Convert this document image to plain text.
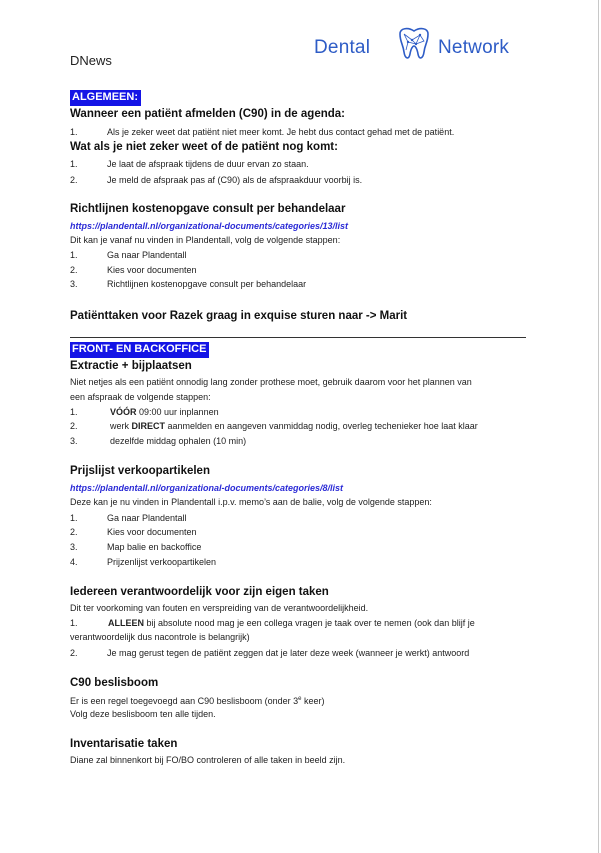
DNews
Dental	Network
ALGEMEEN:
Wanneer een patiënt afmelden (C90) in de agenda:
1.	Als je zeker weet dat patiënt niet meer komt. Je hebt dus contact gehad met de patiënt.
Wat als je niet zeker weet of de patiënt nog komt:
1.	Je laat de afspraak tijdens de duur ervan zo staan.
2.	Je meld de afspraak pas af (C90) als de afspraakduur voorbij is.
Richtlijnen kostenopgave consult per behandelaar
https://plandentall.nl/organizational-documents/categories/13/list
Dit kan je vanaf nu vinden in Plandentall, volg de volgende stappen:
1.	Ga naar Plandentall
2.	Kies voor documenten
3.	Richtlijnen kostenopgave consult per behandelaar
Patiënttaken voor Razek graag in exquise sturen naar -> Marit
FRONT- EN BACKOFFICE
Extractie + bijplaatsen
Niet netjes als een patiënt onnodig lang zonder prothese moet, gebruik daarom voor het plannen van
een afspraak de volgende stappen:
1.	VÓÓR 09:00 uur inplannen
2.	werk DIRECT aanmelden en aangeven vanmiddag nodig, overleg techenieker hoe laat klaar
3.	dezelfde middag ophalen (10 min)
Prijslijst verkoopartikelen
https://plandentall.nl/organizational-documents/categories/8/list
Deze kan je nu vinden in Plandentall i.p.v. memo’s aan de balie, volg de volgende stappen:
1.	Ga naar Plandentall
2.	Kies voor documenten
3.	Map balie en backoffice
4.	Prijzenlijst verkoopartikelen
Iedereen verantwoordelijk voor zijn eigen taken
Dit ter voorkoming van fouten en verspreiding van de verantwoordelijkheid.
1.	ALLEEN bij absolute nood mag je een collega vragen je taak over te nemen (ook dan blijf je
verantwoordelijk dus nacontrole is belangrijk)
2.	Je mag gerust tegen de patiënt zeggen dat je later deze week (wanneer je werkt) antwoord
C90 beslisboom
Er is een regel toegevoegd aan C90 beslisboom (onder 3e keer)
Volg deze beslisboom ten alle tijden.
Inventarisatie taken
Diane zal binnenkort bij FO/BO controleren of alle taken in beeld zijn.
